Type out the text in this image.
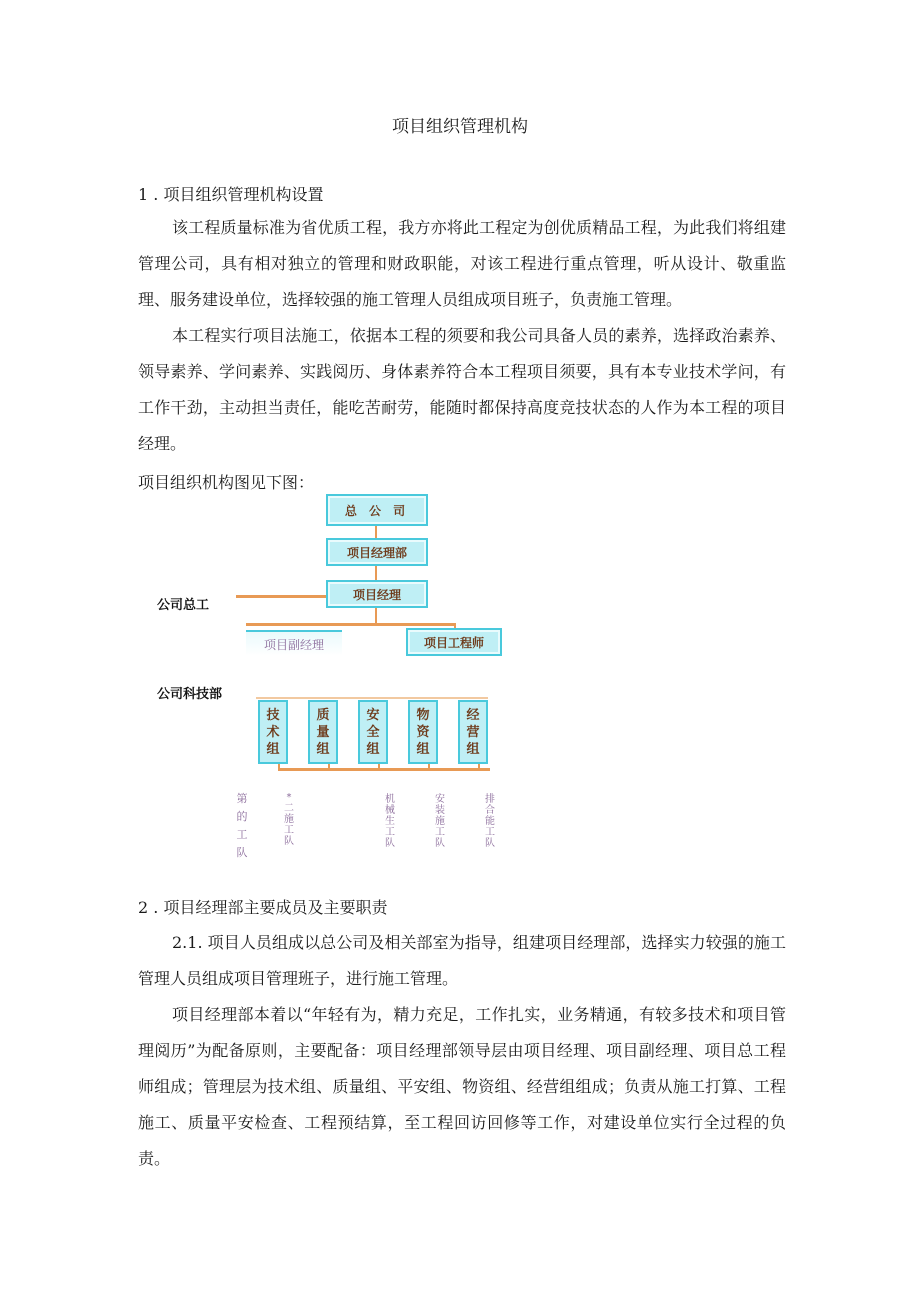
项目组织管理机构
1 . 项目组织管理机构设置

该工程质量标准为省优质工程，我方亦将此工程定为创优质精品工程，为此我们将组建管理公司，具有相对独立的管理和财政职能，对该工程进行重点管理，听从设计、敬重监理、服务建设单位，选择较强的施工管理人员组成项目班子，负责施工管理。

本工程实行项目法施工，依据本工程的须要和我公司具备人员的素养，选择政治素养、领导素养、学问素养、实践阅历、身体素养符合本工程项目须要，具有本专业技术学问，有工作干劲，主动担当责任，能吃苦耐劳，能随时都保持高度竞技状态的人作为本工程的项目经理。

项目组织机构图见下图：
总 公 司
项目经理部
项目经理
项目副经理	项目工程师
公司总工
公司科技部
技术组
质量组
安全组
物资组
经营组
第的工队
*二施工队
机械生工队
安装施工队
排合能工队
2 . 项目经理部主要成员及主要职责

2.1. 项目人员组成以总公司及相关部室为指导，组建项目经理部，选择实力较强的施工管理人员组成项目管理班子，进行施工管理。

项目经理部本着以“年轻有为，精力充足，工作扎实，业务精通，有较多技术和项目管理阅历”为配备原则，主要配备：项目经理部领导层由项目经理、项目副经理、项目总工程师组成；管理层为技术组、质量组、平安组、物资组、经营组组成；负责从施工打算、工程施工、质量平安检查、工程预结算，至工程回访回修等工作，对建设单位实行全过程的负责。
